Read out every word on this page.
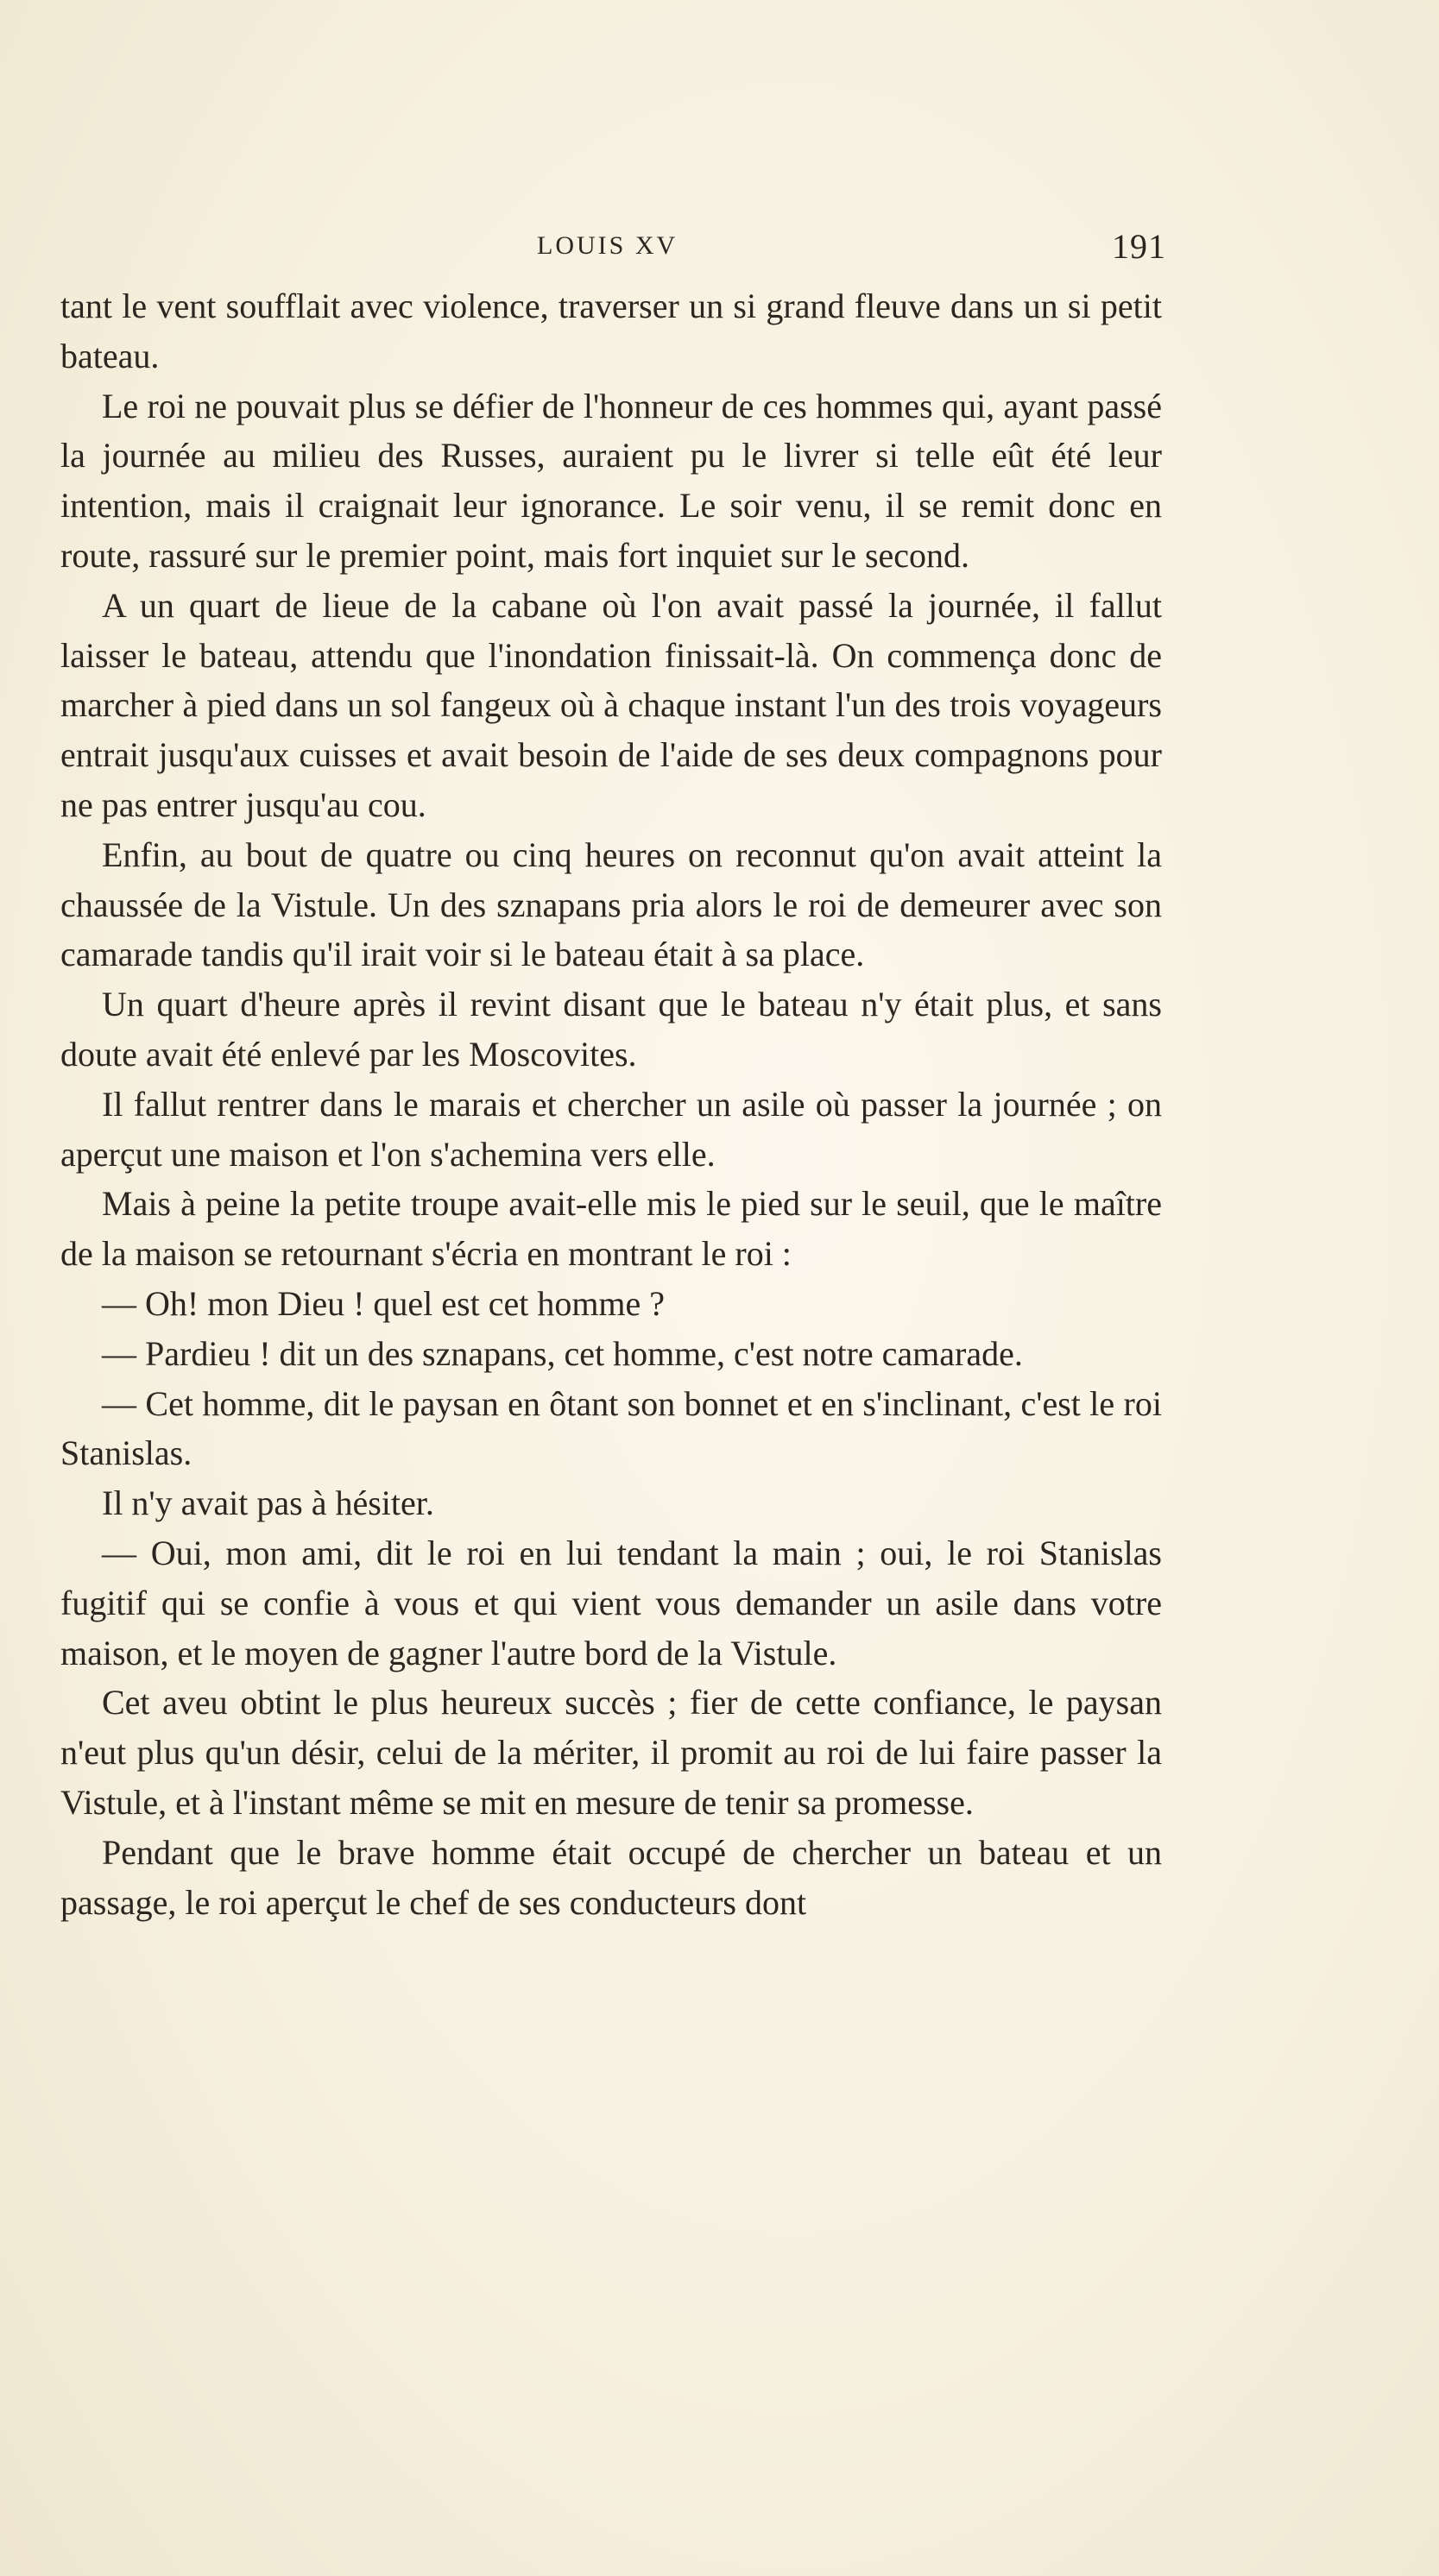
LOUIS XV	191

tant le vent soufflait avec violence, traverser un si grand fleuve dans un si petit bateau.

Le roi ne pouvait plus se défier de l'honneur de ces hommes qui, ayant passé la journée au milieu des Russes, auraient pu le livrer si telle eût été leur intention, mais il craignait leur ignorance. Le soir venu, il se remit donc en route, rassuré sur le premier point, mais fort inquiet sur le second.

A un quart de lieue de la cabane où l'on avait passé la journée, il fallut laisser le bateau, attendu que l'inondation finissait-là. On commença donc de marcher à pied dans un sol fangeux où à chaque instant l'un des trois voyageurs entrait jusqu'aux cuisses et avait besoin de l'aide de ses deux compagnons pour ne pas entrer jusqu'au cou.

Enfin, au bout de quatre ou cinq heures on reconnut qu'on avait atteint la chaussée de la Vistule. Un des sznapans pria alors le roi de demeurer avec son camarade tandis qu'il irait voir si le bateau était à sa place.

Un quart d'heure après il revint disant que le bateau n'y était plus, et sans doute avait été enlevé par les Moscovites.

Il fallut rentrer dans le marais et chercher un asile où passer la journée ; on aperçut une maison et l'on s'achemina vers elle.

Mais à peine la petite troupe avait-elle mis le pied sur le seuil, que le maître de la maison se retournant s'écria en montrant le roi :

— Oh! mon Dieu ! quel est cet homme ?

— Pardieu ! dit un des sznapans, cet homme, c'est notre camarade.

— Cet homme, dit le paysan en ôtant son bonnet et en s'inclinant, c'est le roi Stanislas.

Il n'y avait pas à hésiter.

— Oui, mon ami, dit le roi en lui tendant la main ; oui, le roi Stanislas fugitif qui se confie à vous et qui vient vous demander un asile dans votre maison, et le moyen de gagner l'autre bord de la Vistule.

Cet aveu obtint le plus heureux succès ; fier de cette confiance, le paysan n'eut plus qu'un désir, celui de la mériter, il promit au roi de lui faire passer la Vistule, et à l'instant même se mit en mesure de tenir sa promesse.

Pendant que le brave homme était occupé de chercher un bateau et un passage, le roi aperçut le chef de ses conducteurs dont
